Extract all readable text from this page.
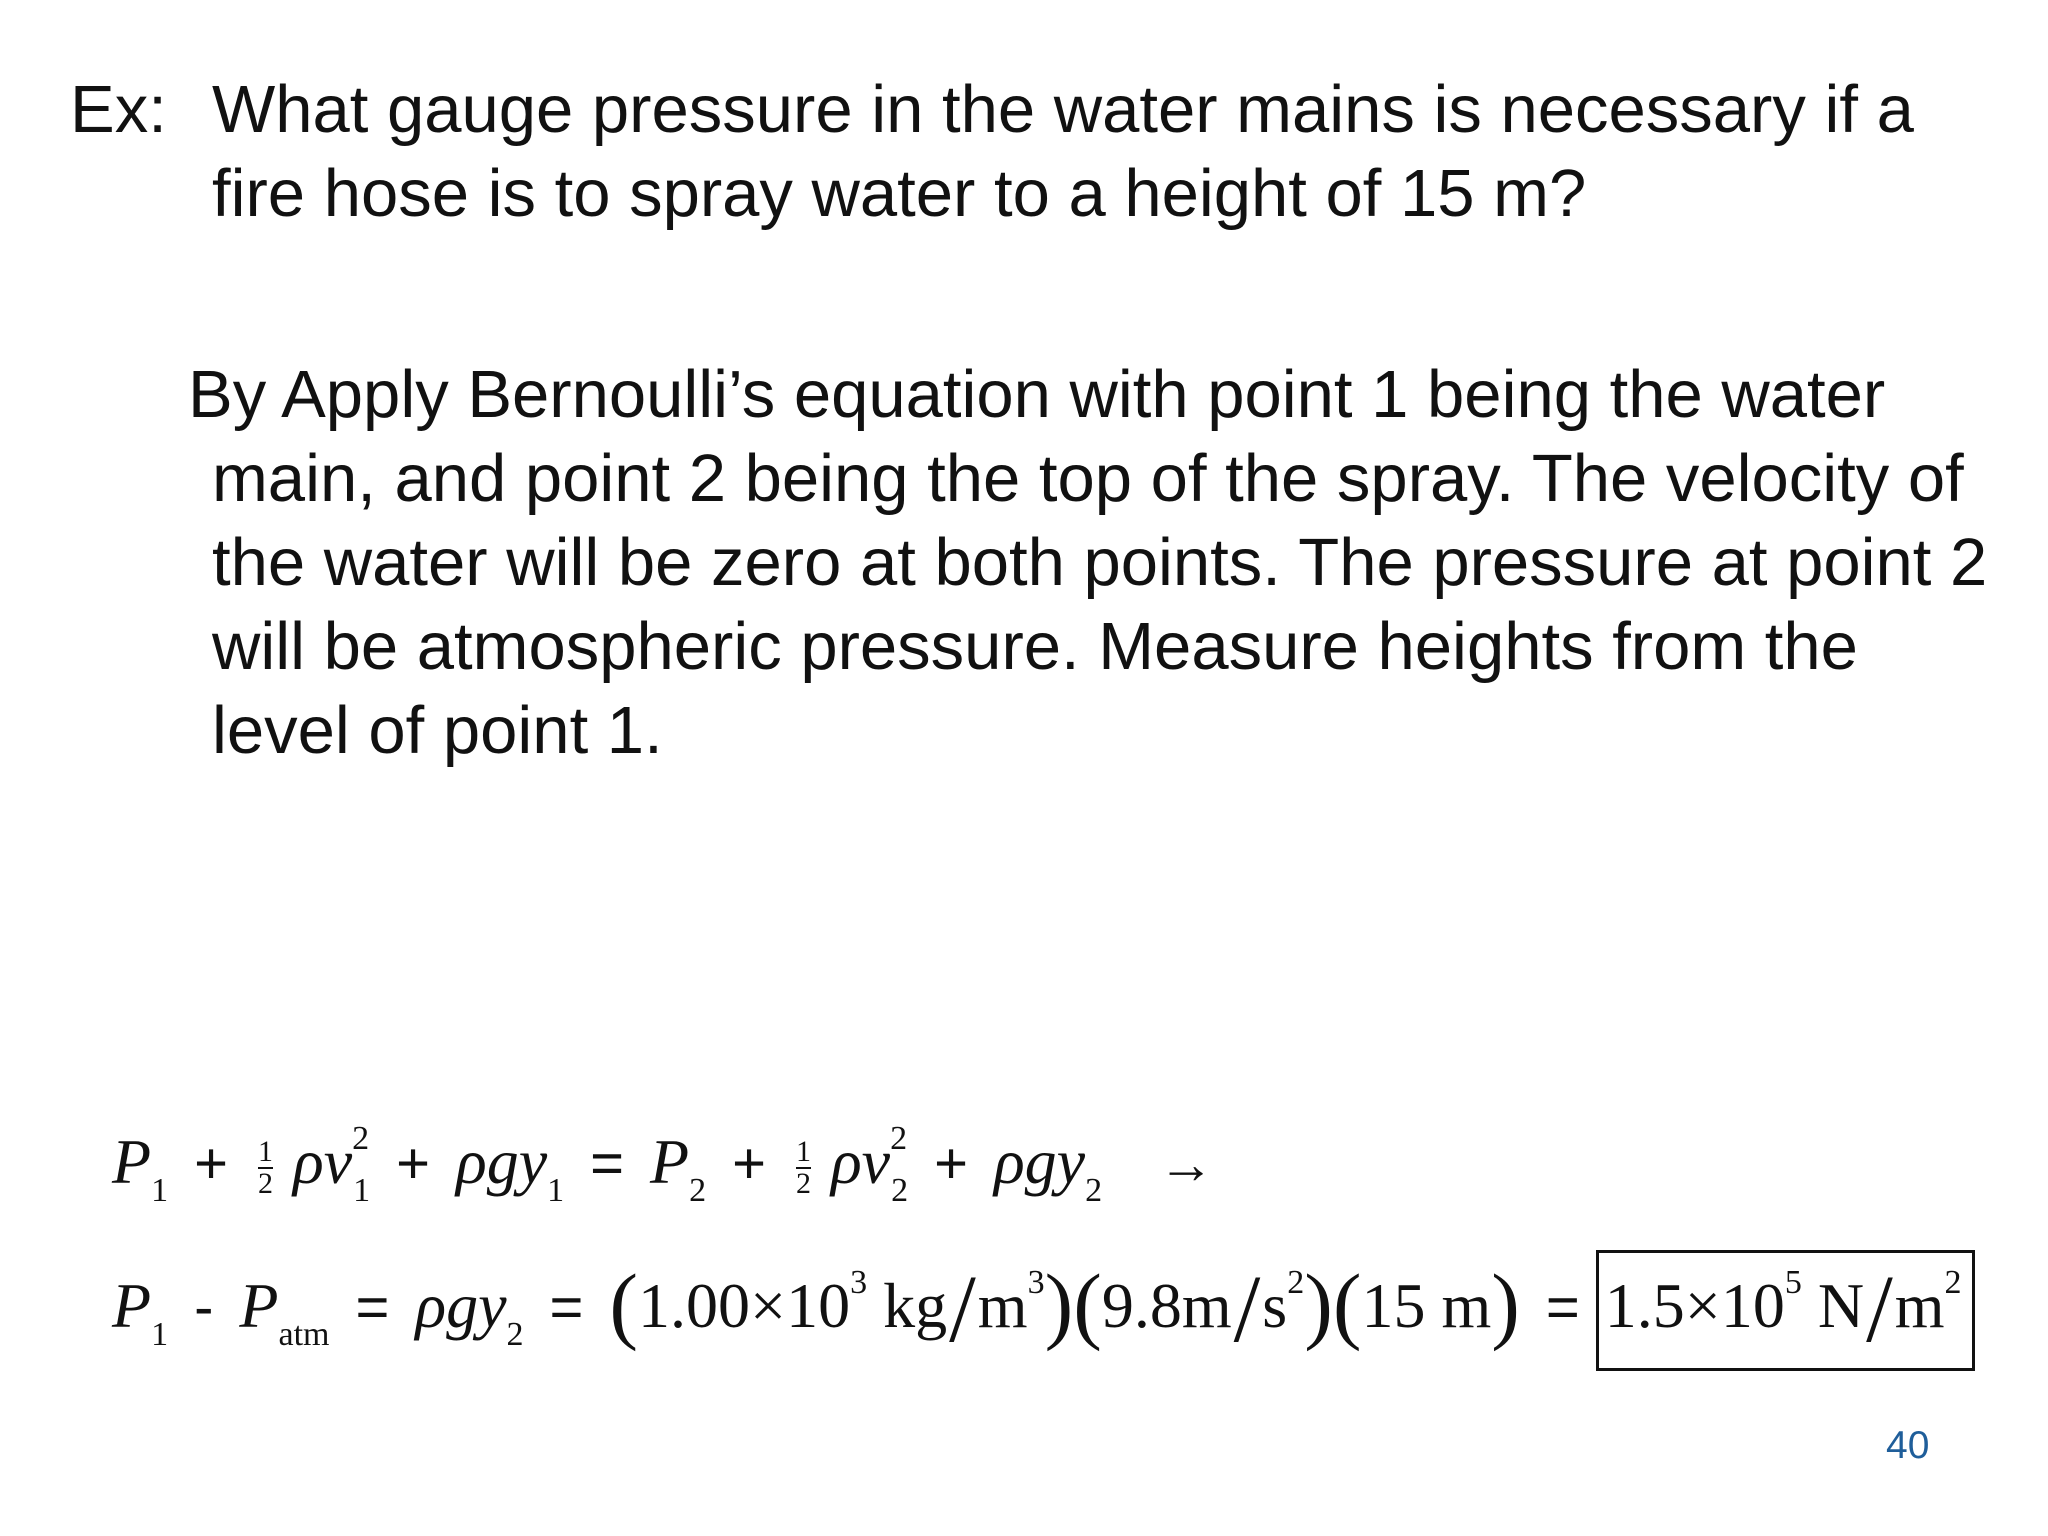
Ex: What gauge pressure in the water mains is necessary if a fire hose is to spray water to a height of 15 m?
By Apply Bernoulli’s equation with point 1 being the water
main, and point 2 being the top of the spray. The velocity of the water will be zero at both points. The pressure at point 2 will be atmospheric pressure. Measure heights from the level of point 1.
$P_1 + \frac{1}{2} \rho v^2_1 + \rho gy_1 = P_2 + \frac{1}{2} \rho v^2_2 + \rho gy_2$ →
$P_1 - P_{atm} = \rho gy_2 = (1.00\times 10^3$ $kg/m^3)(9.8m/s^2)(15$ $m) = 1.5\times 10^5$ $N/m^2$
40
